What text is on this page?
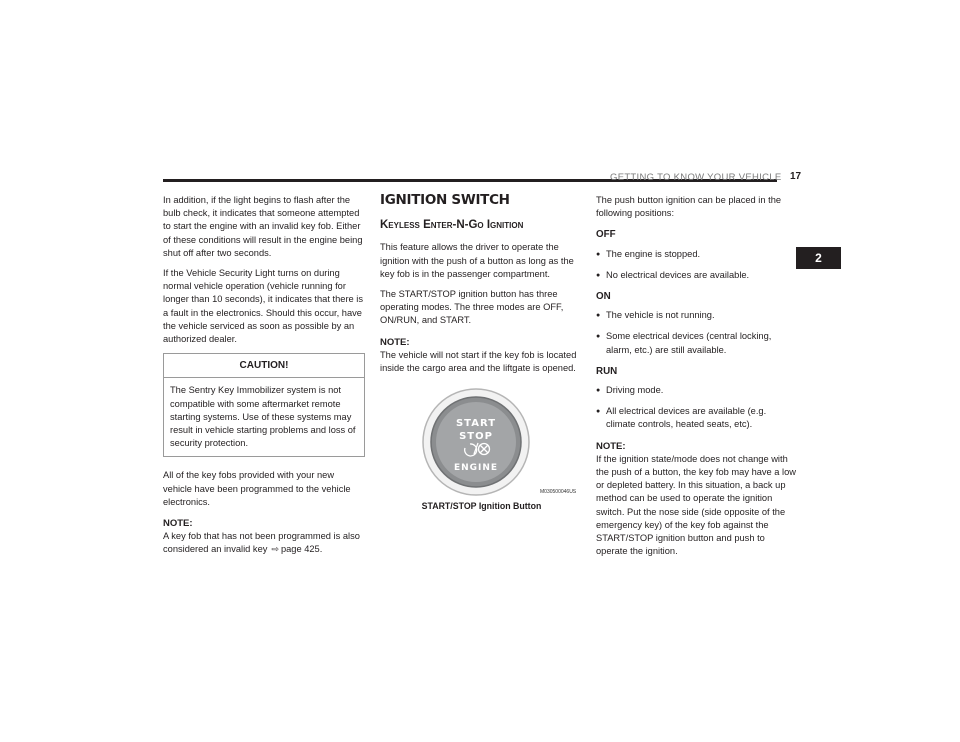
GETTING TO KNOW YOUR VEHICLE 17
2

In addition, if the light begins to flash after the bulb check, it indicates that someone attempted to start the engine with an invalid key fob. Either of these conditions will result in the engine being shut off after two seconds.

If the Vehicle Security Light turns on during normal vehicle operation (vehicle running for longer than 10 seconds), it indicates that there is a fault in the electronics. Should this occur, have the vehicle serviced as soon as possible by an authorized dealer.

CAUTION!
The Sentry Key Immobilizer system is not compatible with some aftermarket remote starting systems. Use of these systems may result in vehicle starting problems and loss of security protection.

All of the key fobs provided with your new vehicle have been programmed to the vehicle electronics.

NOTE:
A key fob that has not been programmed is also considered an invalid key ⇨ page 425.
IGNITION SWITCH
Keyless Enter-N-Go Ignition

This feature allows the driver to operate the ignition with the push of a button as long as the key fob is in the passenger compartment.

The START/STOP ignition button has three operating modes. The three modes are OFF, ON/RUN, and START.

NOTE:
The vehicle will not start if the key fob is located inside the cargo area and the liftgate is opened.
START
STOP
ENGINE
M030500046US
START/STOP Ignition Button

The push button ignition can be placed in the following positions:

OFF
● The engine is stopped.
● No electrical devices are available.
ON
● The vehicle is not running.
● Some electrical devices (central locking, alarm, etc.) are still available.
RUN
● Driving mode.
● All electrical devices are available (e.g. climate controls, heated seats, etc).
NOTE:
If the ignition state/mode does not change with the push of a button, the key fob may have a low or depleted battery. In this situation, a back up method can be used to operate the ignition switch. Put the nose side (side opposite of the emergency key) of the key fob against the START/STOP ignition button and push to operate the ignition.
